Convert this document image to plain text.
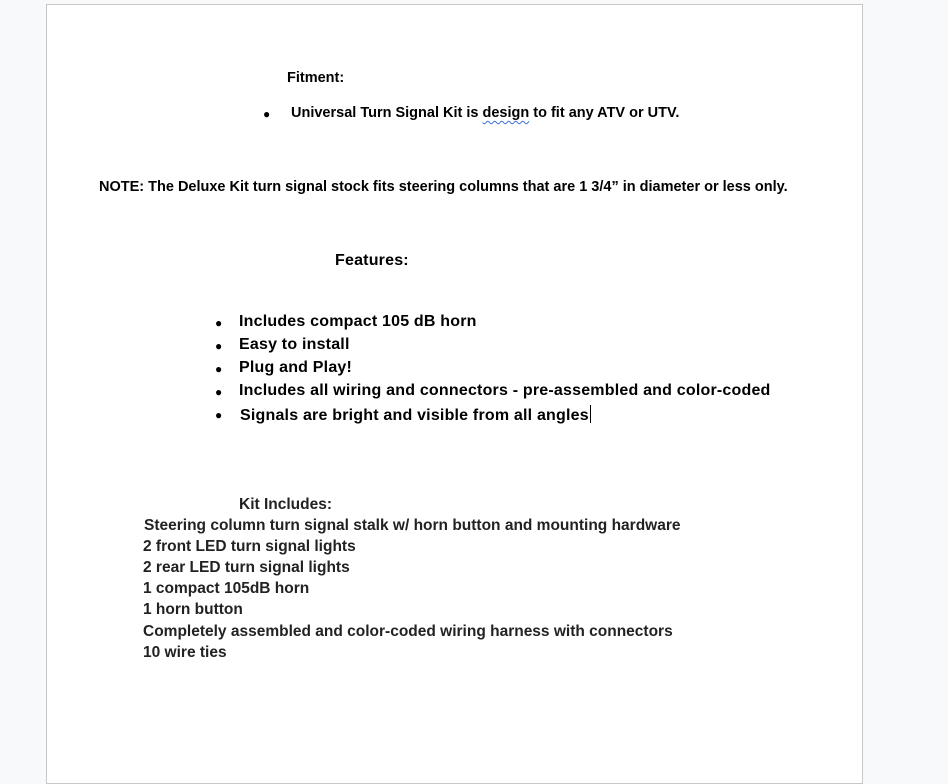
Fitment:
● Universal Turn Signal Kit is design to fit any ATV or UTV.
NOTE: The Deluxe Kit turn signal stock fits steering columns that are 1 3/4” in diameter or less only.
Features:
● Includes compact 105 dB horn
● Easy to install
● Plug and Play!
● Includes all wiring and connectors - pre-assembled and color-coded
● Signals are bright and visible from all angles
Kit Includes:
Steering column turn signal stalk w/ horn button and mounting hardware
2 front LED turn signal lights
2 rear LED turn signal lights
1 compact 105dB horn
1 horn button
Completely assembled and color-coded wiring harness with connectors
10 wire ties
